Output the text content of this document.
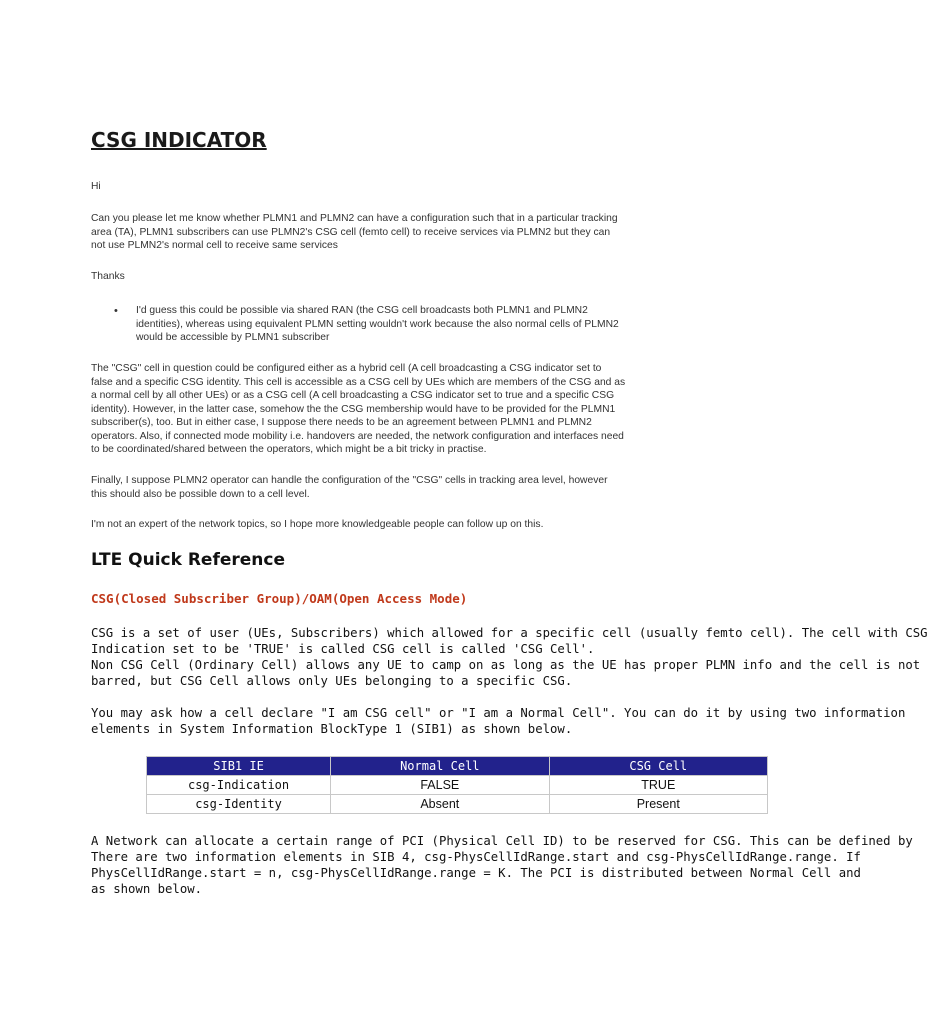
CSG INDICATOR
Hi
Can you please let me know whether PLMN1 and PLMN2 can have a configuration such that in a particular tracking
area (TA), PLMN1 subscribers can use PLMN2's CSG cell (femto cell) to receive services via PLMN2 but they can
not use PLMN2's normal cell to receive same services
Thanks
• I'd guess this could be possible via shared RAN (the CSG cell broadcasts both PLMN1 and PLMN2
identities), whereas using equivalent PLMN setting wouldn't work because the also normal cells of PLMN2
would be accessible by PLMN1 subscriber
The "CSG" cell in question could be configured either as a hybrid cell (A cell broadcasting a CSG indicator set to
false and a specific CSG identity. This cell is accessible as a CSG cell by UEs which are members of the CSG and as
a normal cell by all other UEs) or as a CSG cell (A cell broadcasting a CSG indicator set to true and a specific CSG
identity). However, in the latter case, somehow the the CSG membership would have to be provided for the PLMN1
subscriber(s), too. But in either case, I suppose there needs to be an agreement between PLMN1 and PLMN2
operators. Also, if connected mode mobility i.e. handovers are needed, the network configuration and interfaces need
to be coordinated/shared between the operators, which might be a bit tricky in practise.
Finally, I suppose PLMN2 operator can handle the configuration of the "CSG" cells in tracking area level, however
this should also be possible down to a cell level.
I'm not an expert of the network topics, so I hope more knowledgeable people can follow up on this.
LTE Quick Reference
CSG(Closed Subscriber Group)/OAM(Open Access Mode)
CSG is a set of user (UEs, Subscribers) which allowed for a specific cell (usually femto cell). The cell with CSG
Indication set to be 'TRUE' is called CSG cell is called 'CSG Cell'.
Non CSG Cell (Ordinary Cell) allows any UE to camp on as long as the UE has proper PLMN info and the cell is not
barred, but CSG Cell allows only UEs belonging to a specific CSG.
You may ask how a cell declare "I am CSG cell" or "I am a Normal Cell". You can do it by using two information
elements in System Information BlockType 1 (SIB1) as shown below.
SIB1 IE	Normal Cell	CSG Cell
csg-Indication	FALSE	TRUE
csg-Identity	Absent	Present
A Network can allocate a certain range of PCI (Physical Cell ID) to be reserved for CSG. This can be defined by
There are two information elements in SIB 4, csg-PhysCellIdRange.start and csg-PhysCellIdRange.range. If
PhysCellIdRange.start = n, csg-PhysCellIdRange.range = K. The PCI is distributed between Normal Cell and
as shown below.
